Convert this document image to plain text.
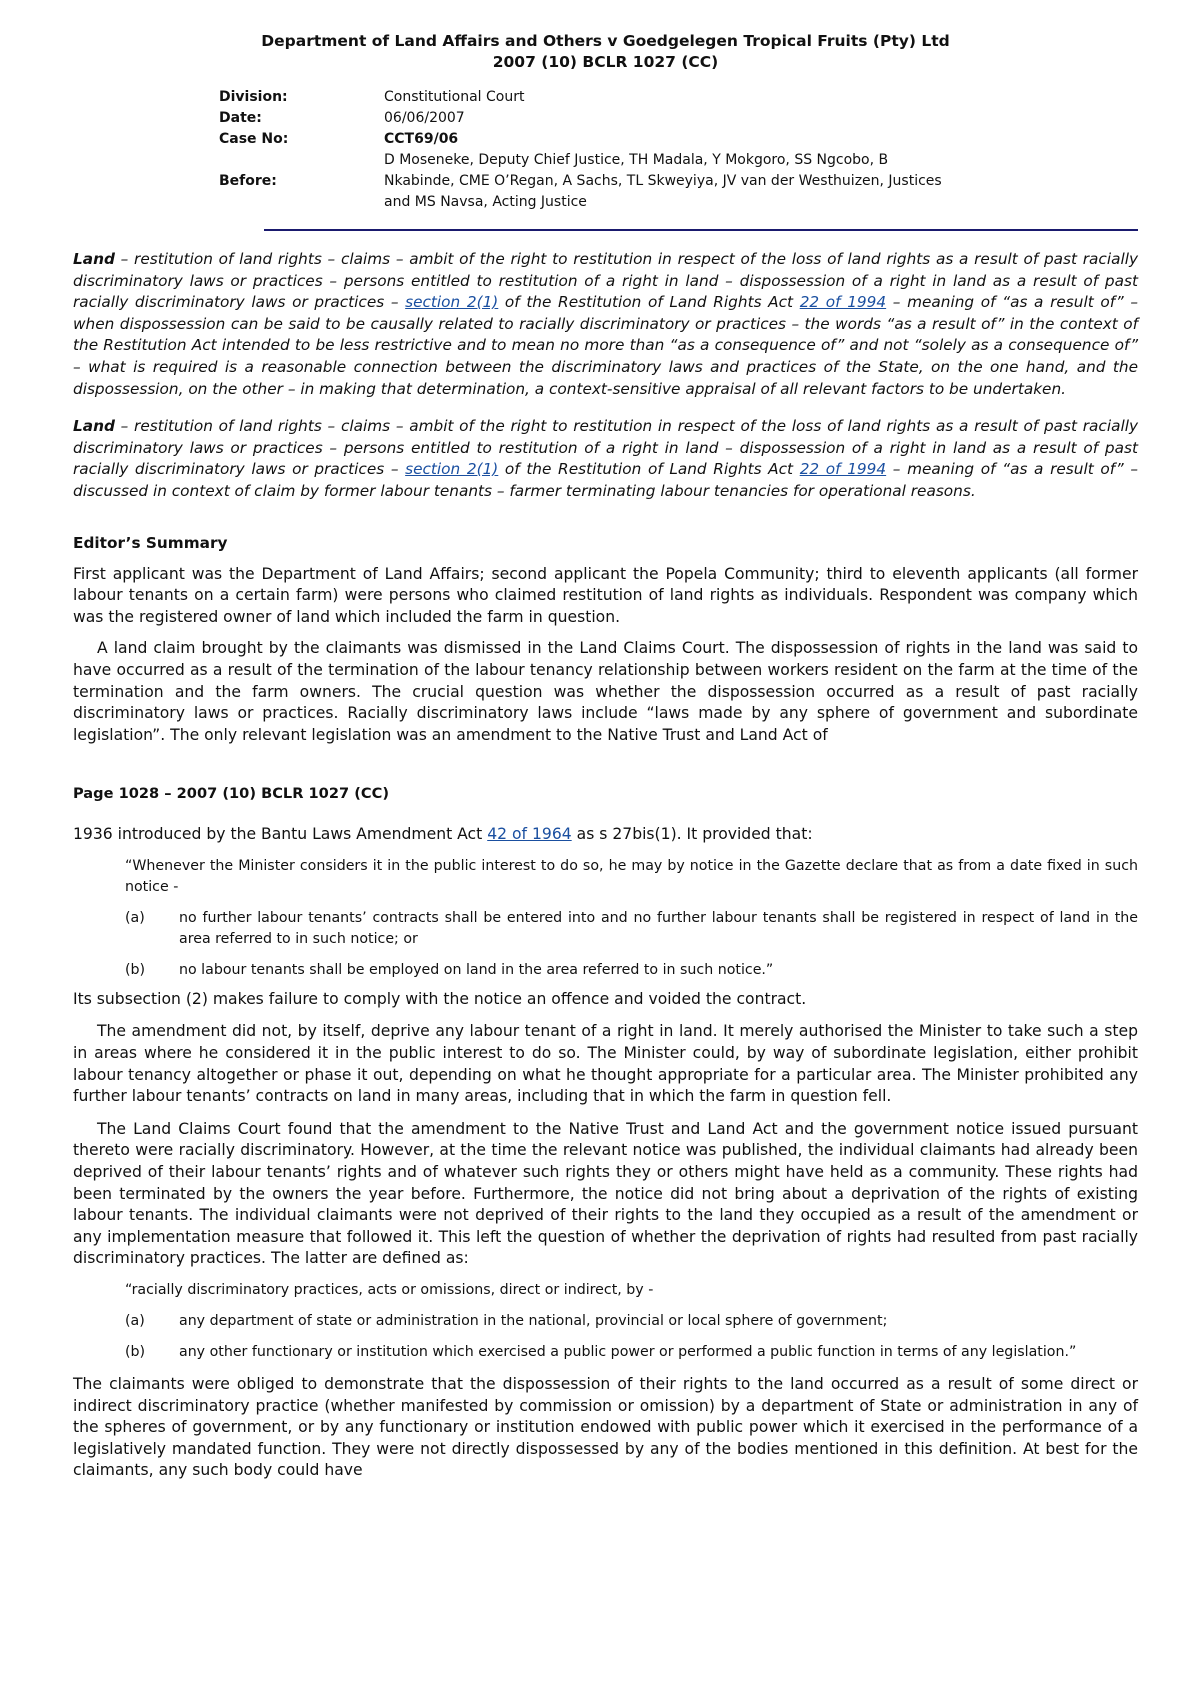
Department of Land Affairs and Others v Goedgelegen Tropical Fruits (Pty) Ltd
2007 (10) BCLR 1027 (CC)
Division:	Constitutional Court
Date:	06/06/2007
Case No:	CCT69/06
Before:	D Moseneke, Deputy Chief Justice, TH Madala, Y Mokgoro, SS Ngcobo, B Nkabinde, CME O’Regan, A Sachs, TL Skweyiya, JV van der Westhuizen, Justices and MS Navsa, Acting Justice

Land – restitution of land rights – claims – ambit of the right to restitution in respect of the loss of land rights as a result of past racially discriminatory laws or practices – persons entitled to restitution of a right in land – dispossession of a right in land as a result of past racially discriminatory laws or practices – section 2(1) of the Restitution of Land Rights Act 22 of 1994 – meaning of “as a result of” – when dispossession can be said to be causally related to racially discriminatory or practices – the words “as a result of” in the context of the Restitution Act intended to be less restrictive and to mean no more than “as a consequence of” and not “solely as a consequence of” – what is required is a reasonable connection between the discriminatory laws and practices of the State, on the one hand, and the dispossession, on the other – in making that determination, a context-sensitive appraisal of all relevant factors to be undertaken.

Land – restitution of land rights – claims – ambit of the right to restitution in respect of the loss of land rights as a result of past racially discriminatory laws or practices – persons entitled to restitution of a right in land – dispossession of a right in land as a result of past racially discriminatory laws or practices – section 2(1) of the Restitution of Land Rights Act 22 of 1994 – meaning of “as a result of” – discussed in context of claim by former labour tenants – farmer terminating labour tenancies for operational reasons.

Editor’s Summary

First applicant was the Department of Land Affairs; second applicant the Popela Community; third to eleventh applicants (all former labour tenants on a certain farm) were persons who claimed restitution of land rights as individuals. Respondent was company which was the registered owner of land which included the farm in question.

A land claim brought by the claimants was dismissed in the Land Claims Court. The dispossession of rights in the land was said to have occurred as a result of the termination of the labour tenancy relationship between workers resident on the farm at the time of the termination and the farm owners. The crucial question was whether the dispossession occurred as a result of past racially discriminatory laws or practices. Racially discriminatory laws include “laws made by any sphere of government and subordinate legislation”. The only relevant legislation was an amendment to the Native Trust and Land Act of

Page 1028 – 2007 (10) BCLR 1027 (CC)

1936 introduced by the Bantu Laws Amendment Act 42 of 1964 as s 27bis(1). It provided that:

“Whenever the Minister considers it in the public interest to do so, he may by notice in the Gazette declare that as from a date fixed in such notice -

(a)	no further labour tenants’ contracts shall be entered into and no further labour tenants shall be registered in respect of land in the area referred to in such notice; or
(b)	no labour tenants shall be employed on land in the area referred to in such notice.”

Its subsection (2) makes failure to comply with the notice an offence and voided the contract.

The amendment did not, by itself, deprive any labour tenant of a right in land. It merely authorised the Minister to take such a step in areas where he considered it in the public interest to do so. The Minister could, by way of subordinate legislation, either prohibit labour tenancy altogether or phase it out, depending on what he thought appropriate for a particular area. The Minister prohibited any further labour tenants’ contracts on land in many areas, including that in which the farm in question fell.

The Land Claims Court found that the amendment to the Native Trust and Land Act and the government notice issued pursuant thereto were racially discriminatory. However, at the time the relevant notice was published, the individual claimants had already been deprived of their labour tenants’ rights and of whatever such rights they or others might have held as a community. These rights had been terminated by the owners the year before. Furthermore, the notice did not bring about a deprivation of the rights of existing labour tenants. The individual claimants were not deprived of their rights to the land they occupied as a result of the amendment or any implementation measure that followed it. This left the question of whether the deprivation of rights had resulted from past racially discriminatory practices. The latter are defined as:

“racially discriminatory practices, acts or omissions, direct or indirect, by -

(a)	any department of state or administration in the national, provincial or local sphere of government;
(b)	any other functionary or institution which exercised a public power or performed a public function in terms of any legislation.”

The claimants were obliged to demonstrate that the dispossession of their rights to the land occurred as a result of some direct or indirect discriminatory practice (whether manifested by commission or omission) by a department of State or administration in any of the spheres of government, or by any functionary or institution endowed with public power which it exercised in the performance of a legislatively mandated function. They were not directly dispossessed by any of the bodies mentioned in this definition. At best for the claimants, any such body could have
